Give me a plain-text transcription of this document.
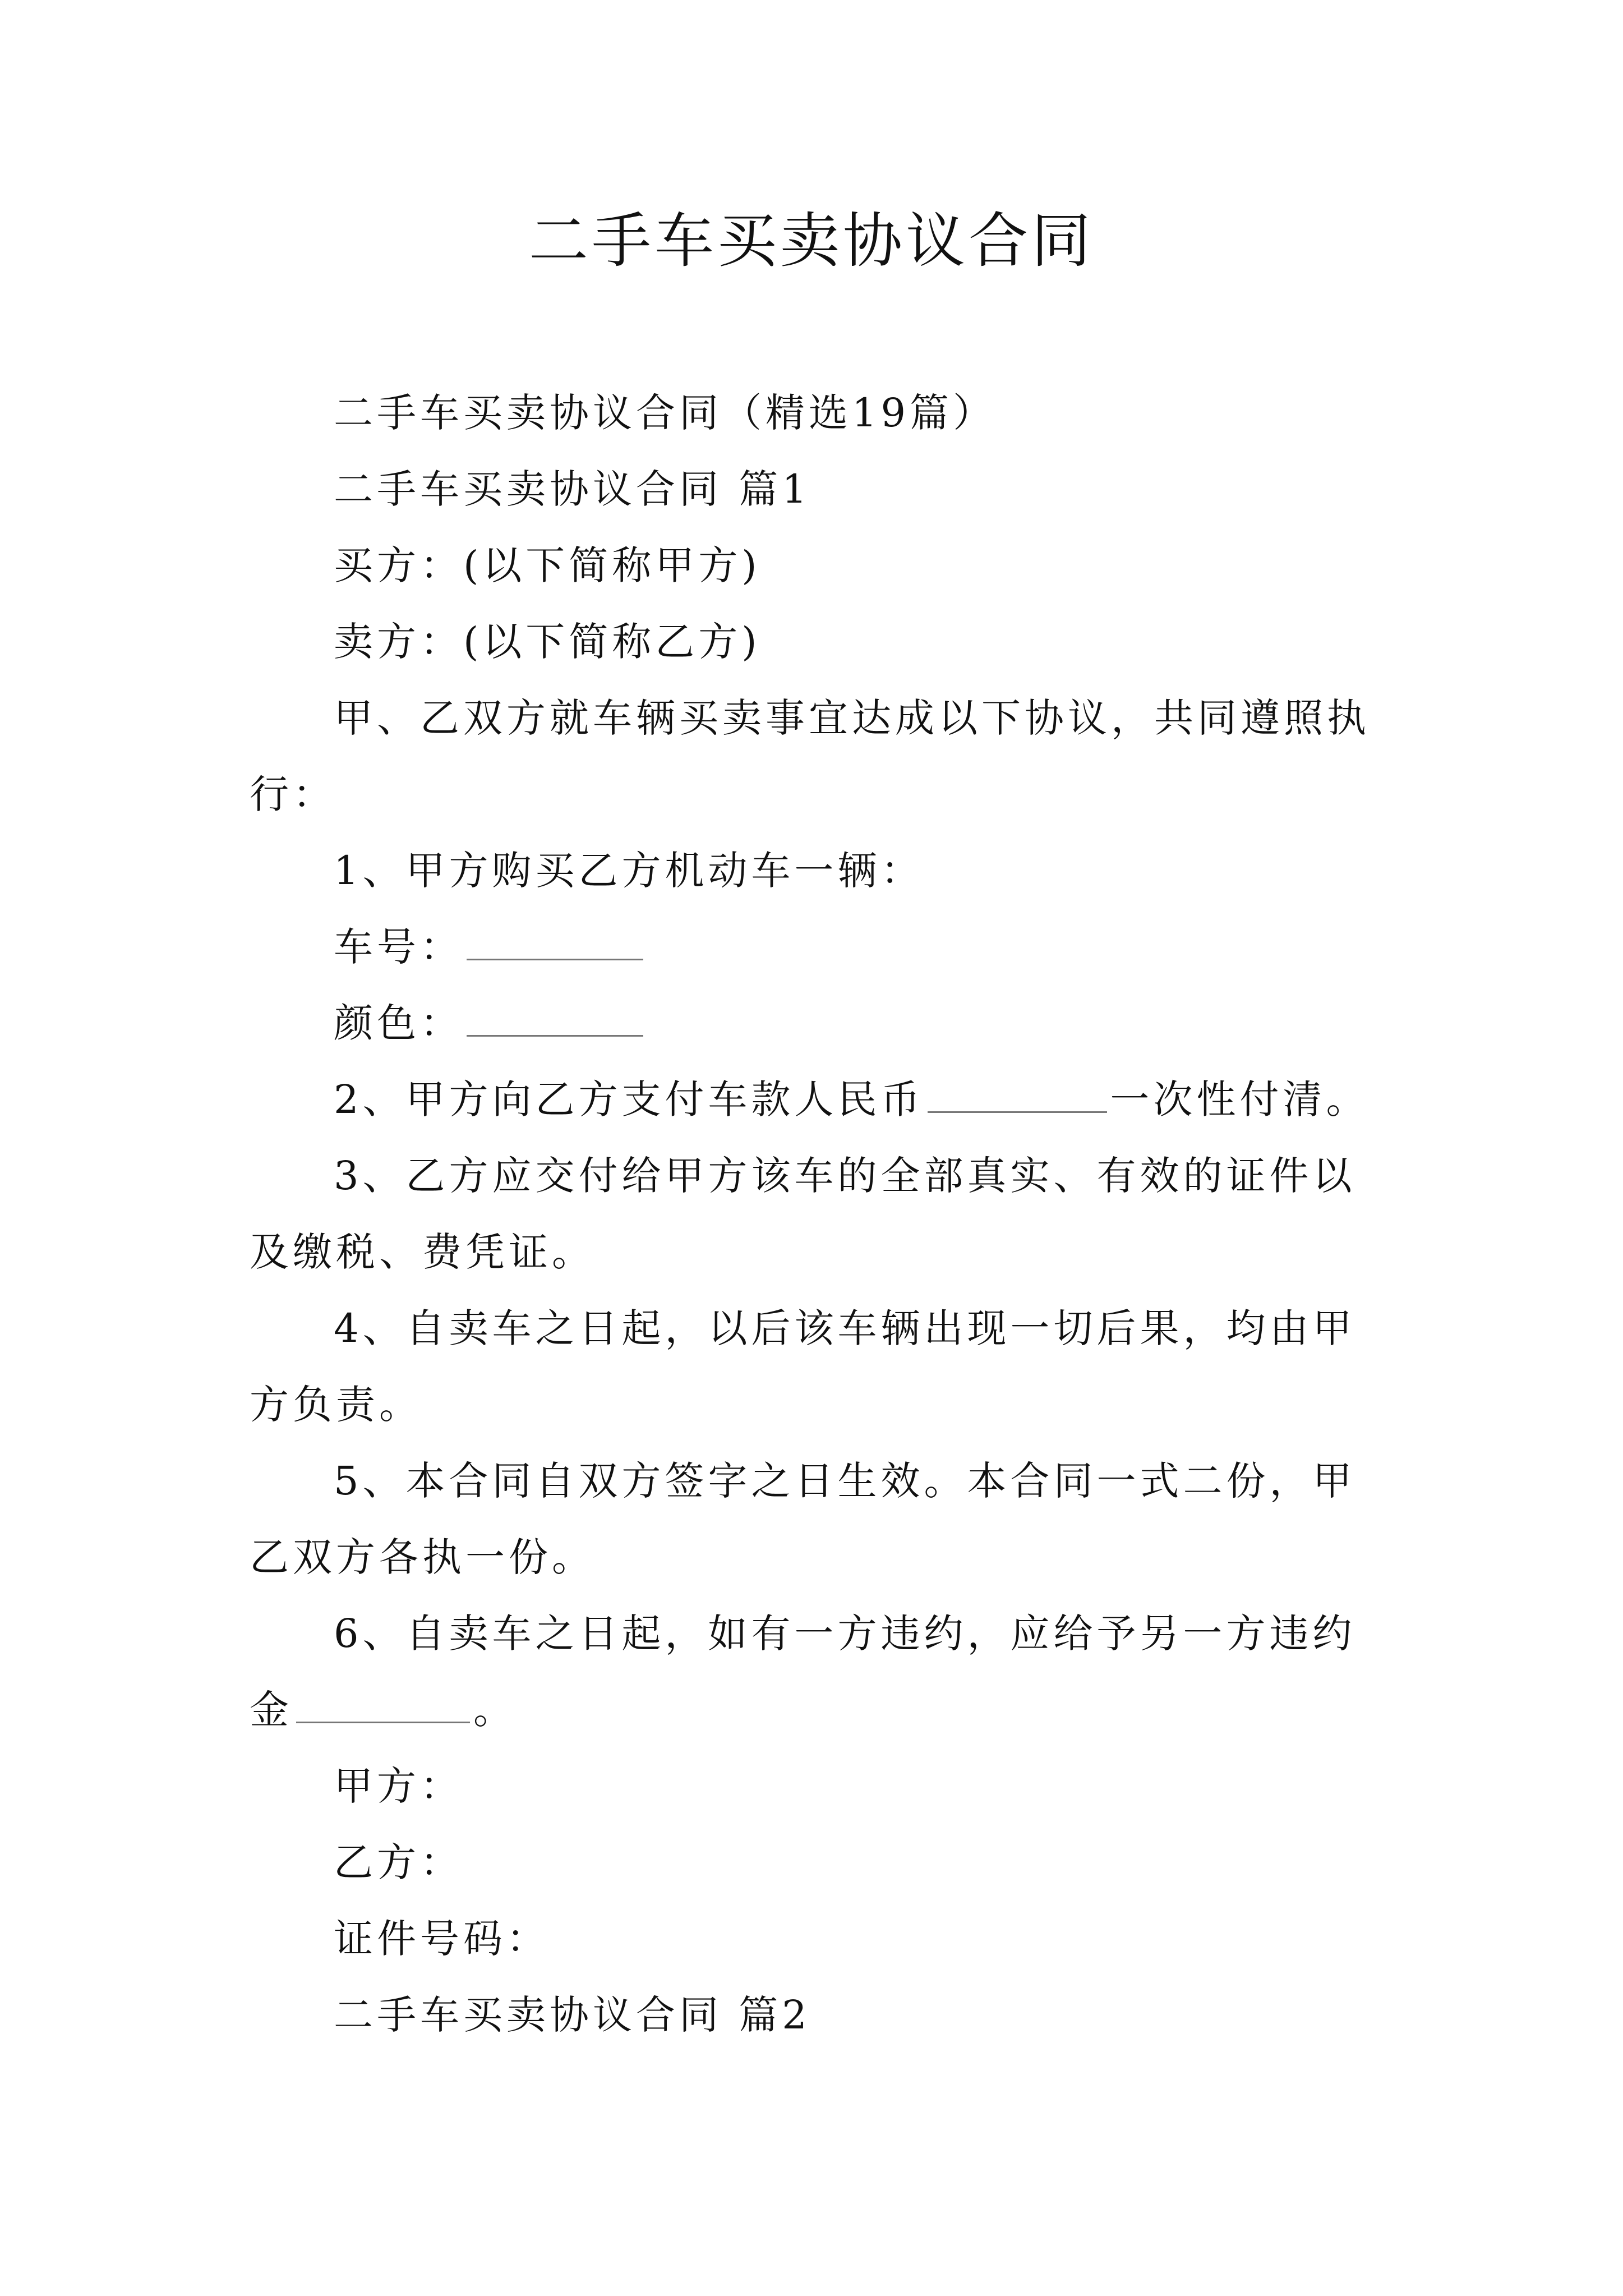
二手车买卖协议合同

二手车买卖协议合同（精选19篇）

二手车买卖协议合同 篇1

买方：(以下简称甲方)

卖方：(以下简称乙方)

甲、乙双方就车辆买卖事宜达成以下协议，共同遵照执

行：

1、甲方购买乙方机动车一辆：

车号：

颜色：

2、甲方向乙方支付车款人民币	一次性付清。

3、乙方应交付给甲方该车的全部真实、有效的证件以

及缴税、费凭证。

4、自卖车之日起，以后该车辆出现一切后果，均由甲

方负责。

5、本合同自双方签字之日生效。本合同一式二份，甲

乙双方各执一份。

6、自卖车之日起，如有一方违约，应给予另一方违约

金	。

甲方：

乙方：

证件号码：

二手车买卖协议合同 篇2
